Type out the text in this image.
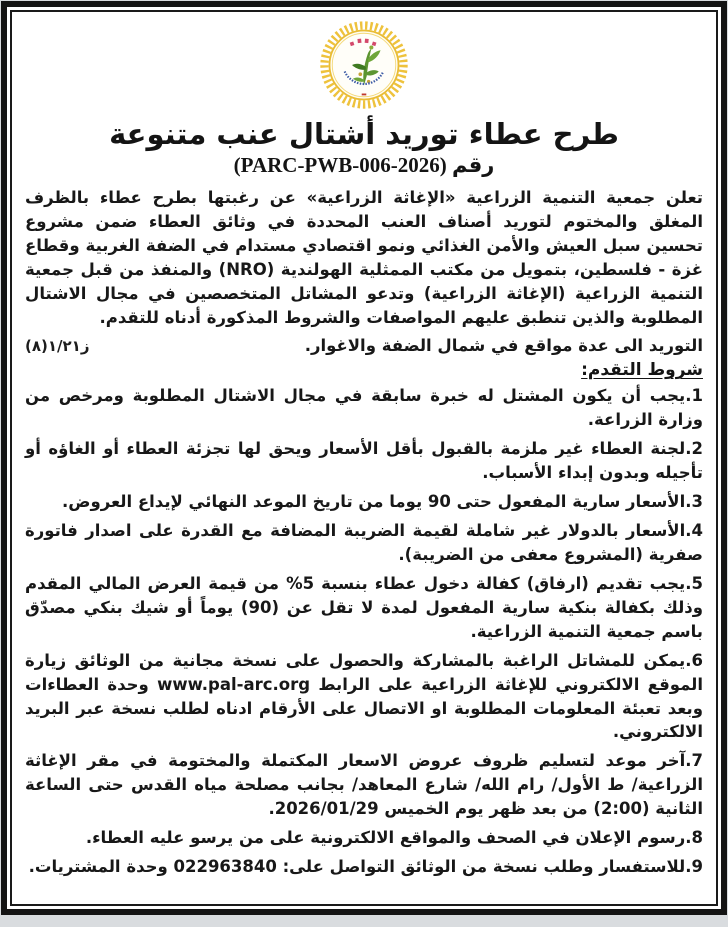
طرح عطاء توريد أشتال عنب متنوعة
رقم (PARC-PWB-006-2026)

تعلن جمعية التنمية الزراعية «الإغاثة الزراعية» عن رغبتها بطرح عطاء بالظرف المغلق والمختوم لتوريد أصناف العنب المحددة في وثائق العطاء ضمن مشروع تحسين سبل العيش والأمن الغذائي ونمو اقتصادي مستدام في الضفة الغربية وقطاع غزة - فلسطين، بتمويل من مكتب الممثلية الهولندية (NRO) والمنفذ من قبل جمعية التنمية الزراعية (الإغاثة الزراعية) وتدعو المشاتل المتخصصين في مجال الاشتال المطلوبة والذين تنطبق عليهم المواصفات والشروط المذكورة أدناه للتقدم.

التوريد الى عدة مواقع في شمال الضفة والاغوار.

ز١/٢١(٨)
شروط التقدم:

1.يجب أن يكون المشتل له خبرة سابقة في مجال الاشتال المطلوبة ومرخص من وزارة الزراعة.

2.لجنة العطاء غير ملزمة بالقبول بأقل الأسعار ويحق لها تجزئة العطاء أو الغاؤه أو تأجيله وبدون إبداء الأسباب.

3.الأسعار سارية المفعول حتى 90 يوما من تاريخ الموعد النهائي لإيداع العروض.

4.الأسعار بالدولار غير شاملة لقيمة الضريبة المضافة مع القدرة على اصدار فاتورة صفرية (المشروع معفى من الضريبة).

5.يجب تقديم (ارفاق) كفالة دخول عطاء بنسبة 5% من قيمة العرض المالي المقدم وذلك بكفالة بنكية سارية المفعول لمدة لا تقل عن (90) يوماً أو شيك بنكي مصدّق باسم جمعية التنمية الزراعية.

6.يمكن للمشاتل الراغبة بالمشاركة والحصول على نسخة مجانية من الوثائق زيارة الموقع الالكتروني للإغاثة الزراعية على الرابط www.pal-arc.org وحدة العطاءات وبعد تعبئة المعلومات المطلوبة او الاتصال على الأرقام ادناه لطلب نسخة عبر البريد الالكتروني.

7.آخر موعد لتسليم ظروف عروض الاسعار المكتملة والمختومة في مقر الإغاثة الزراعية/ ط الأول/ رام الله/ شارع المعاهد/ بجانب مصلحة مياه القدس حتى الساعة الثانية (2:00) من بعد ظهر يوم الخميس 2026/01/29.

8.رسوم الإعلان في الصحف والمواقع الالكترونية على من يرسو عليه العطاء.

9.للاستفسار وطلب نسخة من الوثائق التواصل على: 022963840 وحدة المشتريات.
